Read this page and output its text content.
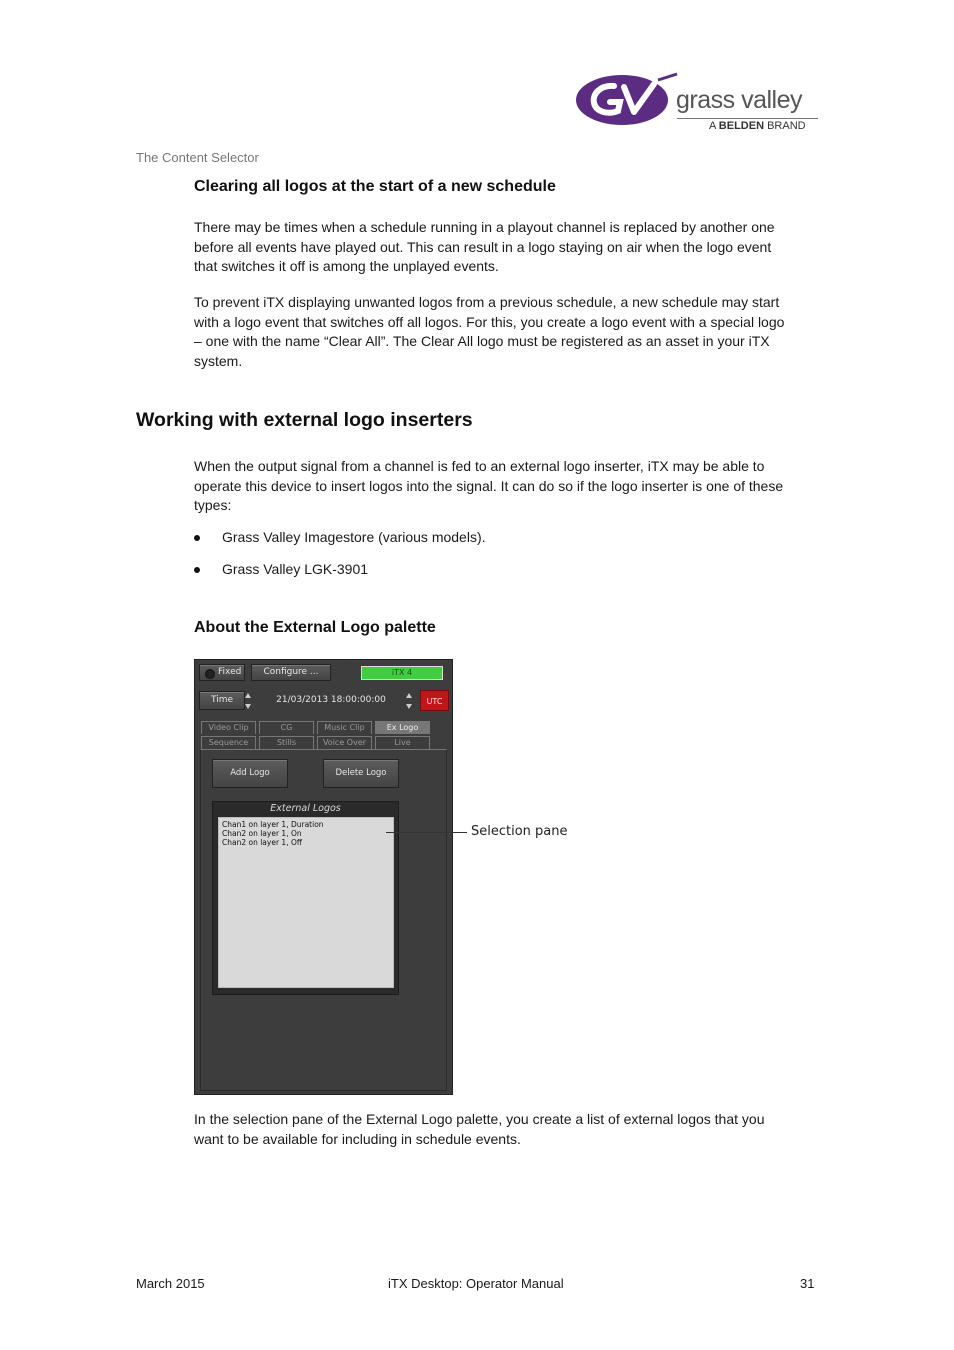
grass valley
A BELDEN BRAND
The Content Selector
Clearing all logos at the start of a new schedule
There may be times when a schedule running in a playout channel is replaced by another one
before all events have played out. This can result in a logo staying on air when the logo event
that switches it off is among the unplayed events.
To prevent iTX displaying unwanted logos from a previous schedule, a new schedule may start
with a logo event that switches off all logos. For this, you create a logo event with a special logo
– one with the name “Clear All”. The Clear All logo must be registered as an asset in your iTX
system.
Working with external logo inserters
When the output signal from a channel is fed to an external logo inserter, iTX may be able to
operate this device to insert logos into the signal. It can do so if the logo inserter is one of these
types:
Grass Valley Imagestore (various models).
Grass Valley LGK-3901
About the External Logo palette
Fixed	Configure ...	iTX 4
Time	21/03/2013 18:00:00:00	UTC
Video Clip	CG	Music Clip	Ex Logo
Sequence	Stills	Voice Over	Live
Add Logo	Delete Logo
External Logos
Chan1 on layer 1, Duration
Chan2 on layer 1, On
Chan2 on layer 1, Off
Selection pane
In the selection pane of the External Logo palette, you create a list of external logos that you
want to be available for including in schedule events.
March 2015	iTX Desktop: Operator Manual	31
